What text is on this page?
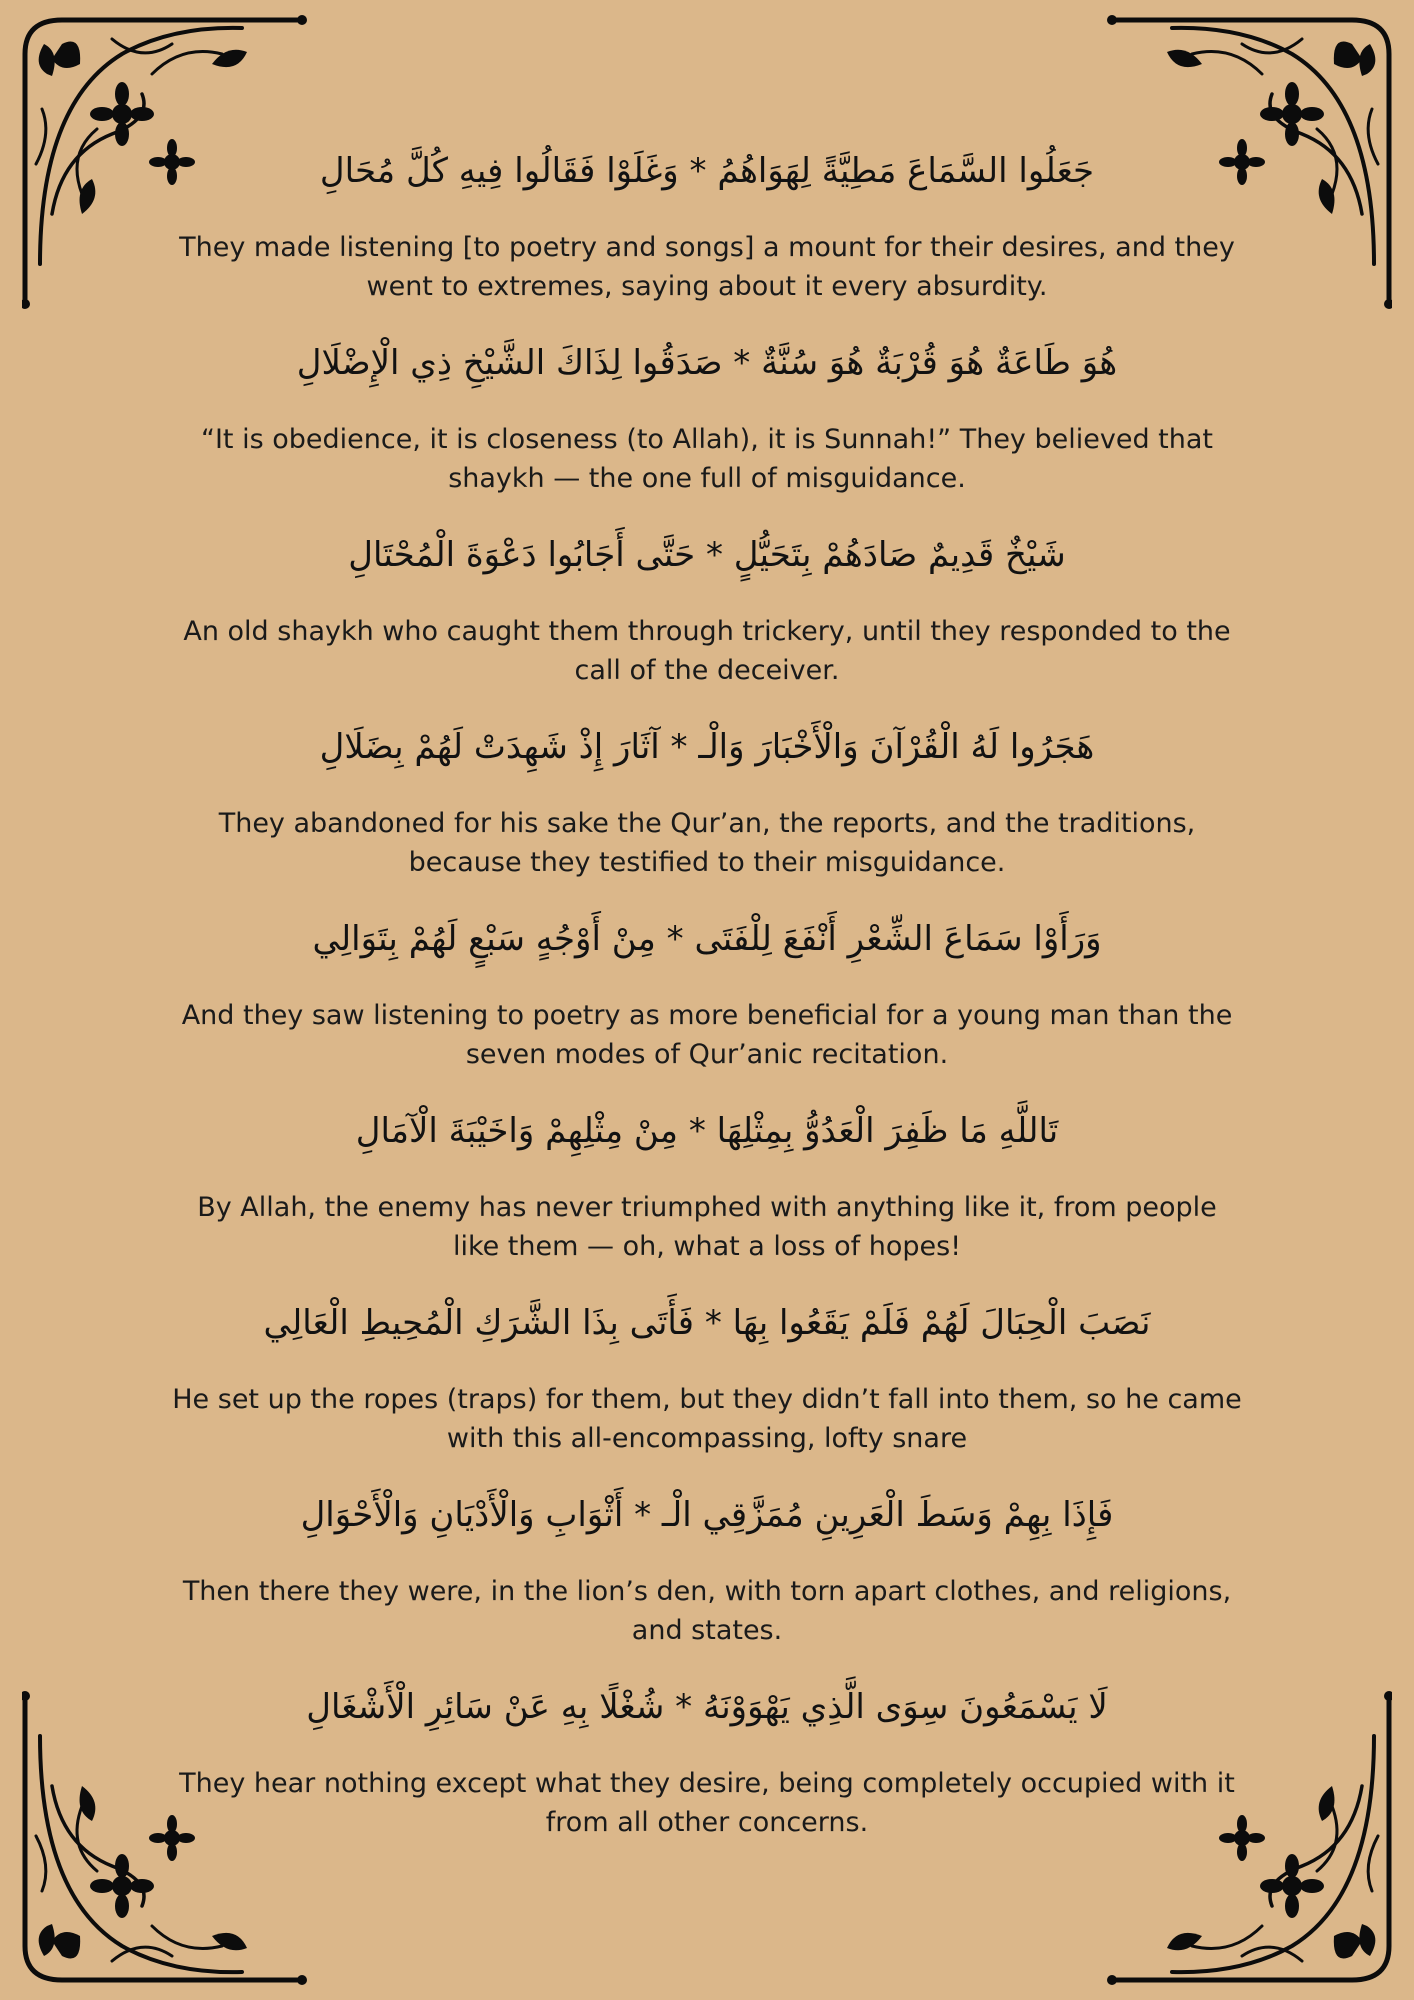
جَعَلُوا السَّمَاعَ مَطِيَّةً لِهَوَاهُمُ * وَغَلَوْا فَقَالُوا فِيهِ كُلَّ مُحَالِ
They made listening [to poetry and songs] a mount for their desires, and they went to extremes, saying about it every absurdity.
هُوَ طَاعَةٌ هُوَ قُرْبَةٌ هُوَ سُنَّةٌ * صَدَقُوا لِذَاكَ الشَّيْخِ ذِي الْإِضْلَالِ
“It is obedience, it is closeness (to Allah), it is Sunnah!” They believed that shaykh — the one full of misguidance.
شَيْخٌ قَدِيمٌ صَادَهُمْ بِتَحَيُّلٍ * حَتَّى أَجَابُوا دَعْوَةَ الْمُحْتَالِ
An old shaykh who caught them through trickery, until they responded to the call of the deceiver.
هَجَرُوا لَهُ الْقُرْآنَ وَالْأَخْبَارَ وَالْـ * آثَارَ إِذْ شَهِدَتْ لَهُمْ بِضَلَالِ
They abandoned for his sake the Qur’an, the reports, and the traditions, because they testified to their misguidance.
وَرَأَوْا سَمَاعَ الشِّعْرِ أَنْفَعَ لِلْفَتَى * مِنْ أَوْجُهٍ سَبْعٍ لَهُمْ بِتَوَالِي
And they saw listening to poetry as more beneficial for a young man than the seven modes of Qur’anic recitation.
تَاللَّهِ مَا ظَفِرَ الْعَدُوُّ بِمِثْلِهَا * مِنْ مِثْلِهِمْ وَاخَيْبَةَ الْآمَالِ
By Allah, the enemy has never triumphed with anything like it, from people like them — oh, what a loss of hopes!
نَصَبَ الْحِبَالَ لَهُمْ فَلَمْ يَقَعُوا بِهَا * فَأَتَى بِذَا الشَّرَكِ الْمُحِيطِ الْعَالِي
He set up the ropes (traps) for them, but they didn’t fall into them, so he came with this all-encompassing, lofty snare
فَإِذَا بِهِمْ وَسَطَ الْعَرِينِ مُمَزَّقِي الْـ * أَثْوَابِ وَالْأَدْيَانِ وَالْأَحْوَالِ
Then there they were, in the lion’s den, with torn apart clothes, and religions, and states.
لَا يَسْمَعُونَ سِوَى الَّذِي يَهْوَوْنَهُ * شُغْلًا بِهِ عَنْ سَائِرِ الْأَشْغَالِ
They hear nothing except what they desire, being completely occupied with it from all other concerns.
